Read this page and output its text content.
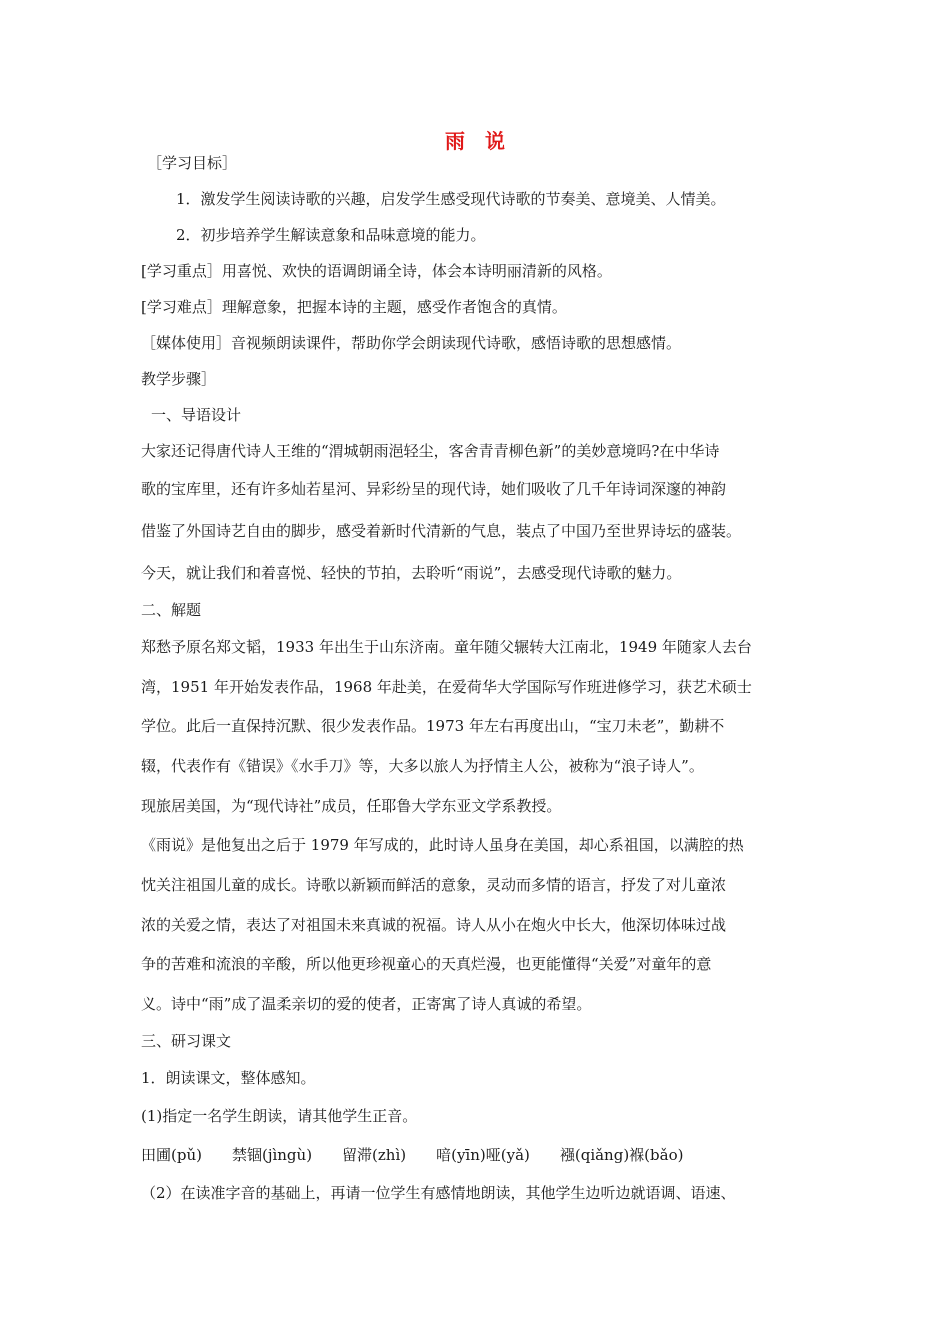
雨　说
［学习目标］
1．激发学生阅读诗歌的兴趣，启发学生感受现代诗歌的节奏美、意境美、人情美。
2．初步培养学生解读意象和品味意境的能力。
[学习重点］用喜悦、欢快的语调朗诵全诗，体会本诗明丽清新的风格。
[学习难点］理解意象，把握本诗的主题，感受作者饱含的真情。
［媒体使用］音视频朗读课件，帮助你学会朗读现代诗歌，感悟诗歌的思想感情。
教学步骤］
一、导语设计
大家还记得唐代诗人王维的“渭城朝雨浥轻尘，客舍青青柳色新”的美妙意境吗?在中华诗
歌的宝库里，还有许多灿若星河、异彩纷呈的现代诗，她们吸收了几千年诗词深邃的神韵
借鉴了外国诗艺自由的脚步，感受着新时代清新的气息，装点了中国乃至世界诗坛的盛装。
今天，就让我们和着喜悦、轻快的节拍，去聆听“雨说”，去感受现代诗歌的魅力。
二、解题
郑愁予原名郑文韬，1933 年出生于山东济南。童年随父辗转大江南北，1949 年随家人去台
湾，1951 年开始发表作品，1968 年赴美，在爱荷华大学国际写作班进修学习，获艺术硕士
学位。此后一直保持沉默、很少发表作品。1973 年左右再度出山，“宝刀未老”，勤耕不
辍，代表作有《错误》《水手刀》等，大多以旅人为抒情主人公，被称为“浪子诗人”。
现旅居美国，为“现代诗社”成员，任耶鲁大学东亚文学系教授。
《雨说》是他复出之后于 1979 年写成的，此时诗人虽身在美国，却心系祖国，以满腔的热
忱关注祖国儿童的成长。诗歌以新颖而鲜活的意象，灵动而多情的语言，抒发了对儿童浓
浓的关爱之情，表达了对祖国未来真诚的祝福。诗人从小在炮火中长大，他深切体味过战
争的苦难和流浪的辛酸，所以他更珍视童心的天真烂漫，也更能懂得“关爱”对童年的意
义。诗中“雨”成了温柔亲切的爱的使者，正寄寓了诗人真诚的希望。
三、研习课文
1．朗读课文，整体感知。
(1)指定一名学生朗读，请其他学生正音。
田圃(pǔ)　　禁锢(jìngù)　　留滞(zhì)　　喑(yīn)哑(yǎ)　　襁(qiǎng)褓(bǎo)
（2）在读准字音的基础上，再请一位学生有感情地朗读，其他学生边听边就语调、语速、
